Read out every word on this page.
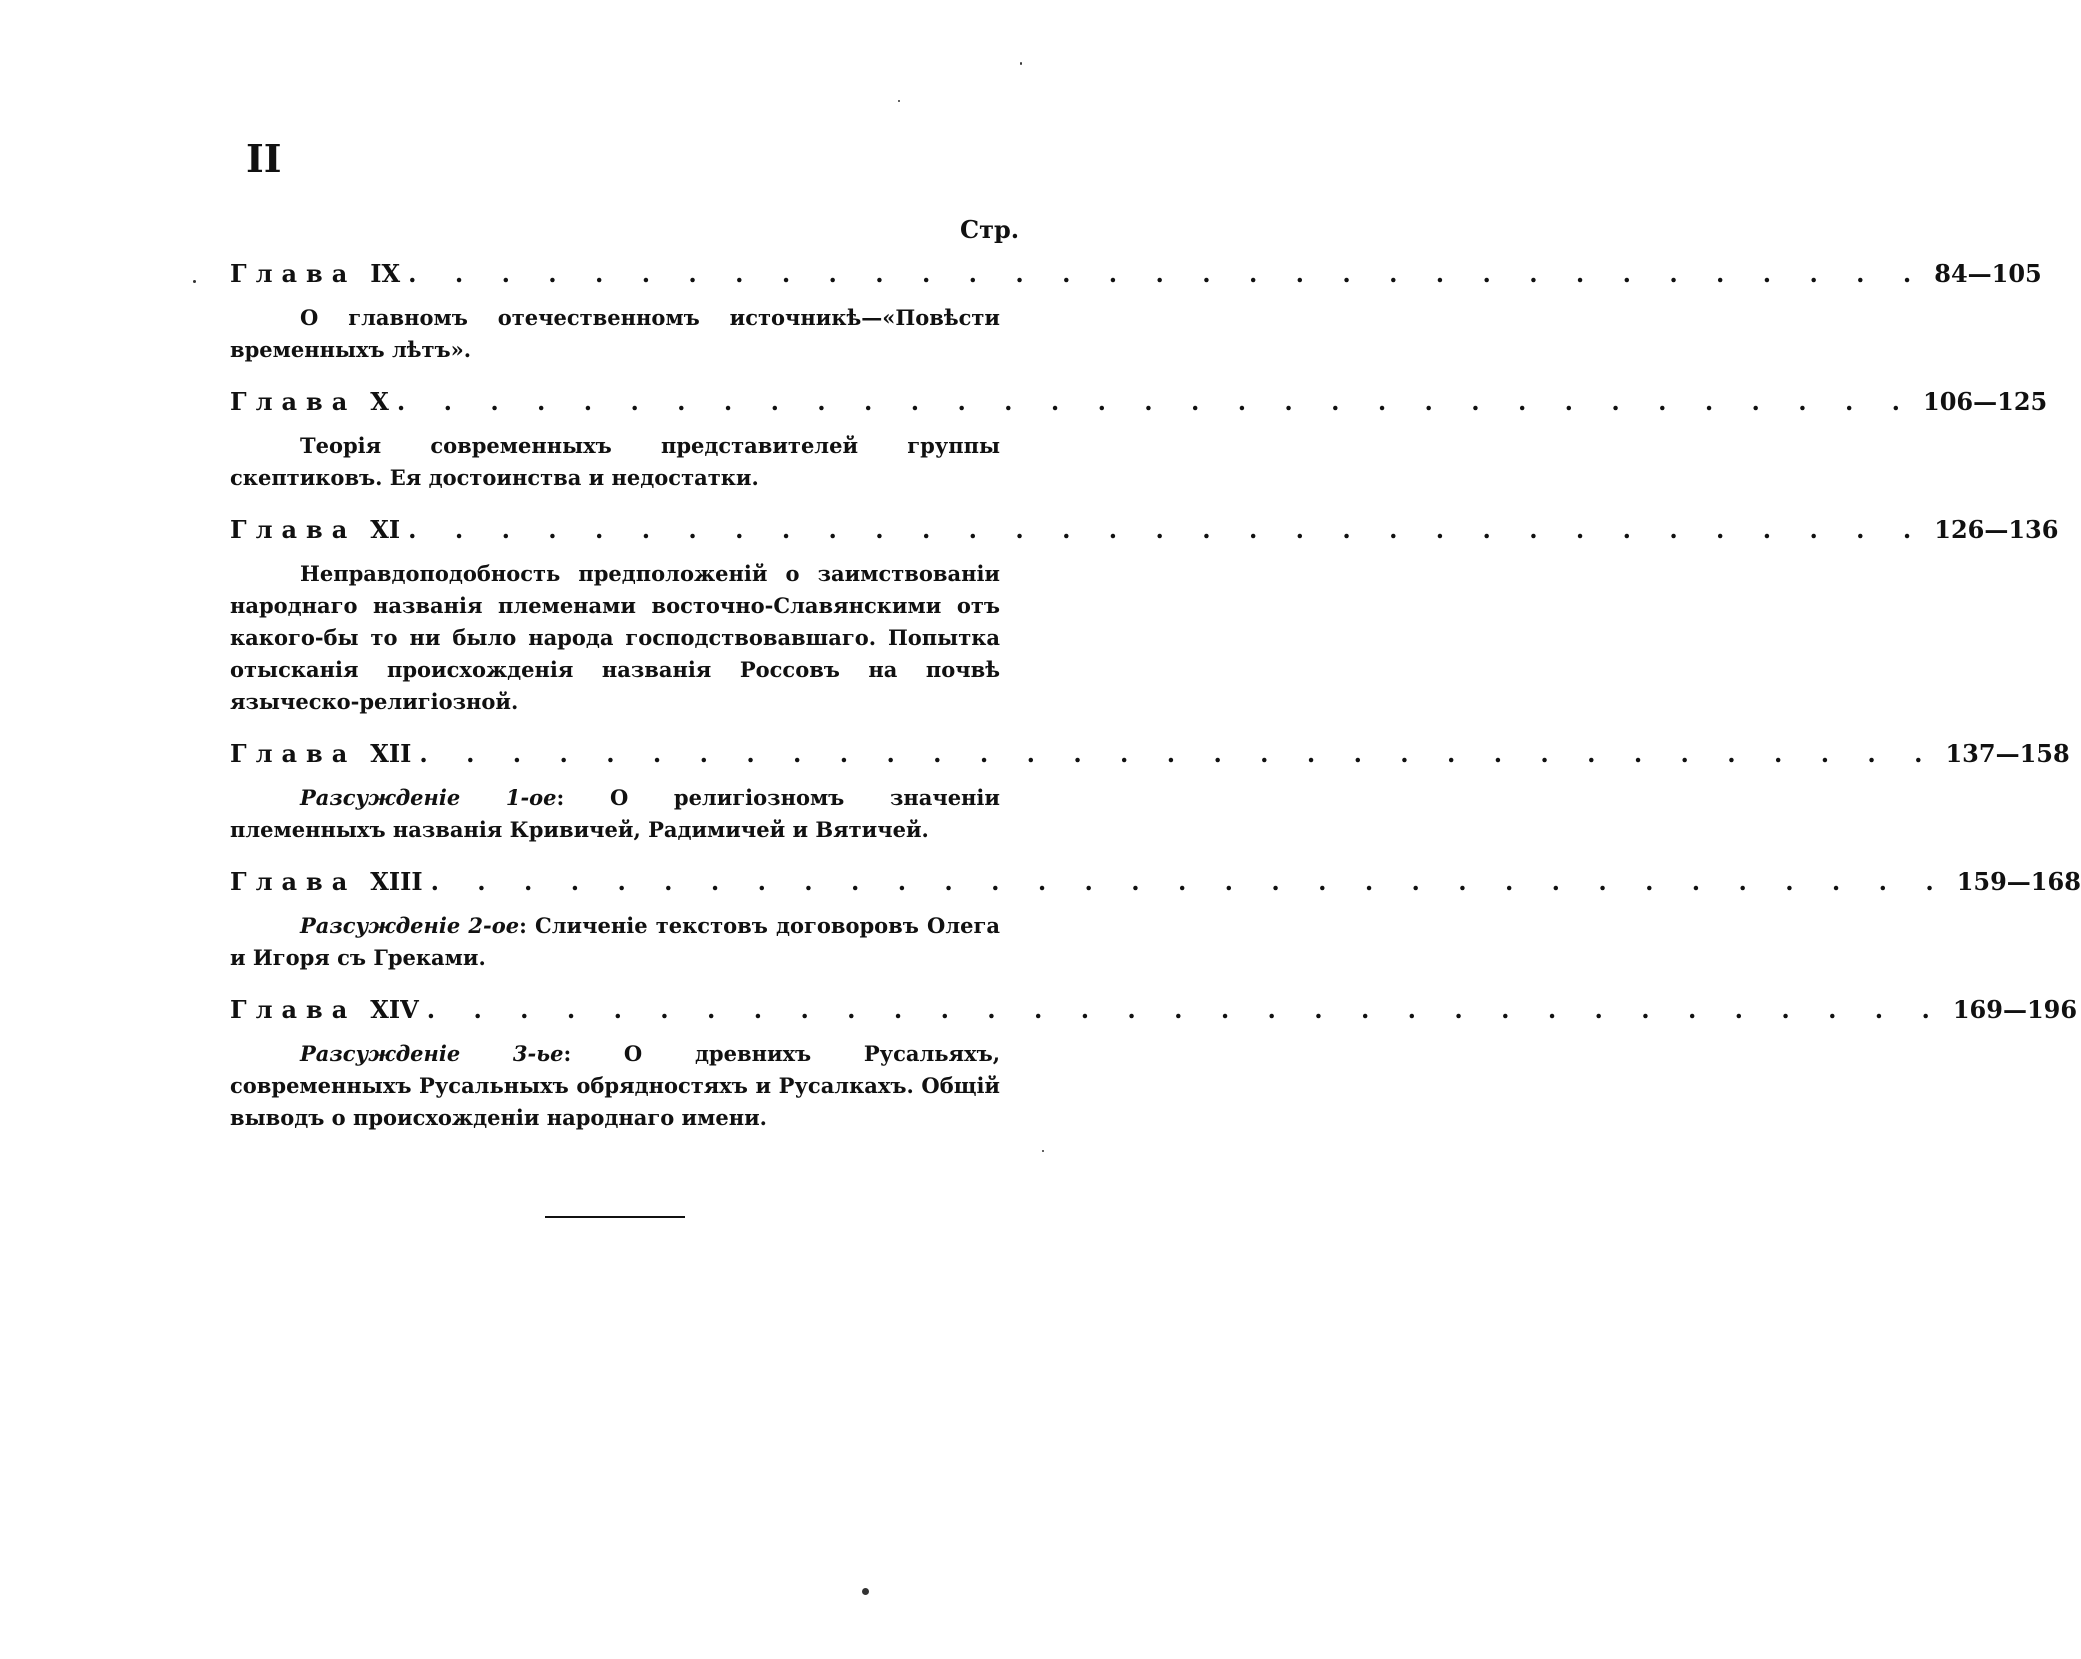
II
Стр.
Глава IX . . . . . . . . . . . . . . . . . . . . . . . . . . . . . . . . . 84—105
О главномъ отечественномъ источникѣ—«Повѣсти временныхъ лѣтъ».
Глава X . . . . . . . . . . . . . . . . . . . . . . . . . . . . . . . . . 106—125
Теорія современныхъ представителей группы скептиковъ. Ея достоинства и недостатки.
Глава XI . . . . . . . . . . . . . . . . . . . . . . . . . . . . . . . . . 126—136
Неправдоподобность предположеній о заимствованіи народнаго названія племенами восточно-Славянскими отъ какого-бы то ни было народа господствовавшаго. Попытка отысканія происхожденія названія Россовъ на почвѣ языческо-религіозной.
Глава XII . . . . . . . . . . . . . . . . . . . . . . . . . . . . . . . . . 137—158
Разсужденіе 1-ое: О религіозномъ значеніи племенныхъ названія Кривичей, Радимичей и Вятичей.
Глава XIII . . . . . . . . . . . . . . . . . . . . . . . . . . . . . . . . . 159—168
Разсужденіе 2-ое: Сличеніе текстовъ договоровъ Олега и Игоря съ Греками.
Глава XIV . . . . . . . . . . . . . . . . . . . . . . . . . . . . . . . . . 169—196
Разсужденіе 3-ье: О древнихъ Русальяхъ, современныхъ Русальныхъ обрядностяхъ и Русалкахъ. Общій выводъ о происхожденіи народнаго имени.
